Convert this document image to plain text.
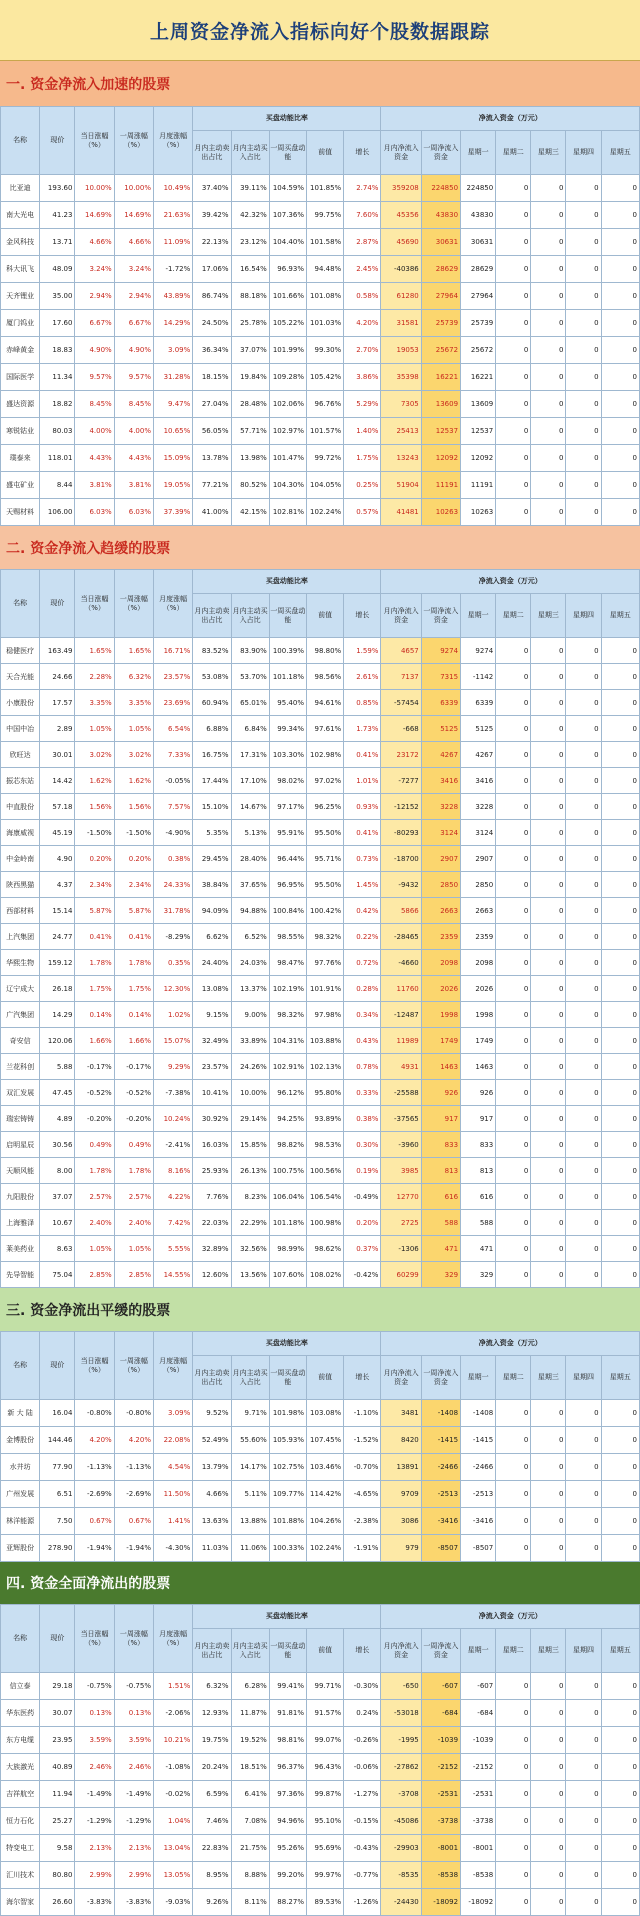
上周资金净流入指标向好个股数据跟踪
一. 资金净流入加速的股票
名称	现价	当日涨幅（%）	一周涨幅（%）	月度涨幅（%）	买盘动能比率					净流入资金（万元）						
					月内主动卖出占比	月内主动买入占比	一周买盘动能	前值	增长	月内净流入资金	一周净流入资金	星期一	星期二	星期三	星期四	星期五
比亚迪	193.60	10.00%	10.00%	10.49%	37.40%	39.11%	104.59%	101.85%	2.74%	359208	224850	224850	0	0	0	0
南大光电	41.23	14.69%	14.69%	21.63%	39.42%	42.32%	107.36%	99.75%	7.60%	45356	43830	43830	0	0	0	0
金风科技	13.71	4.66%	4.66%	11.09%	22.13%	23.12%	104.40%	101.58%	2.87%	45690	30631	30631	0	0	0	0
科大讯飞	48.09	3.24%	3.24%	-1.72%	17.06%	16.54%	96.93%	94.48%	2.45%	-40386	28629	28629	0	0	0	0
天齐锂业	35.00	2.94%	2.94%	43.89%	86.74%	88.18%	101.66%	101.08%	0.58%	61280	27964	27964	0	0	0	0
厦门钨业	17.60	6.67%	6.67%	14.29%	24.50%	25.78%	105.22%	101.03%	4.20%	31581	25739	25739	0	0	0	0
赤峰黄金	18.83	4.90%	4.90%	3.09%	36.34%	37.07%	101.99%	99.30%	2.70%	19053	25672	25672	0	0	0	0
国际医学	11.34	9.57%	9.57%	31.28%	18.15%	19.84%	109.28%	105.42%	3.86%	35398	16221	16221	0	0	0	0
盛达资源	18.82	8.45%	8.45%	9.47%	27.04%	28.48%	102.06%	96.76%	5.29%	7305	13609	13609	0	0	0	0
寒锐钴业	80.03	4.00%	4.00%	10.65%	56.05%	57.71%	102.97%	101.57%	1.40%	25413	12537	12537	0	0	0	0
璞泰来	118.01	4.43%	4.43%	15.09%	13.78%	13.98%	101.47%	99.72%	1.75%	13243	12092	12092	0	0	0	0
盛屯矿业	8.44	3.81%	3.81%	19.05%	77.21%	80.52%	104.30%	104.05%	0.25%	51904	11191	11191	0	0	0	0
天赐材料	106.00	6.03%	6.03%	37.39%	41.00%	42.15%	102.81%	102.24%	0.57%	41481	10263	10263	0	0	0	0
二. 资金净流入趋缓的股票
名称	现价	当日涨幅（%）	一周涨幅（%）	月度涨幅（%）	买盘动能比率					净流入资金（万元）						
					月内主动卖出占比	月内主动买入占比	一周买盘动能	前值	增长	月内净流入资金	一周净流入资金	星期一	星期二	星期三	星期四	星期五
稳健医疗	163.49	1.65%	1.65%	16.71%	83.52%	83.90%	100.39%	98.80%	1.59%	4657	9274	9274	0	0	0	0
天合光能	24.66	2.28%	6.32%	23.57%	53.08%	53.70%	101.18%	98.56%	2.61%	7137	7315	-1142	0	0	0	0
小康股份	17.57	3.35%	3.35%	23.69%	60.94%	65.01%	95.40%	94.61%	0.85%	-57454	6339	6339	0	0	0	0
中国中冶	2.89	1.05%	1.05%	6.54%	6.88%	6.84%	99.34%	97.61%	1.73%	-668	5125	5125	0	0	0	0
欣旺达	30.01	3.02%	3.02%	7.33%	16.75%	17.31%	103.30%	102.98%	0.41%	23172	4267	4267	0	0	0	0
振芯东站	14.42	1.62%	1.62%	-0.05%	17.44%	17.10%	98.02%	97.02%	1.01%	-7277	3416	3416	0	0	0	0
中直股份	57.18	1.56%	1.56%	7.57%	15.10%	14.67%	97.17%	96.25%	0.93%	-12152	3228	3228	0	0	0	0
海康威视	45.19	-1.50%	-1.50%	-4.90%	5.35%	5.13%	95.91%	95.50%	0.41%	-80293	3124	3124	0	0	0	0
中金岭南	4.90	0.20%	0.20%	0.38%	29.45%	28.40%	96.44%	95.71%	0.73%	-18700	2907	2907	0	0	0	0
陕西黑猫	4.37	2.34%	2.34%	24.33%	38.84%	37.65%	96.95%	95.50%	1.45%	-9432	2850	2850	0	0	0	0
西部材料	15.14	5.87%	5.87%	31.78%	94.09%	94.88%	100.84%	100.42%	0.42%	5866	2663	2663	0	0	0	0
上汽集团	24.77	0.41%	0.41%	-8.29%	6.62%	6.52%	98.55%	98.32%	0.22%	-28465	2359	2359	0	0	0	0
华熙生物	159.12	1.78%	1.78%	0.35%	24.40%	24.03%	98.47%	97.76%	0.72%	-4660	2098	2098	0	0	0	0
辽宁成大	26.18	1.75%	1.75%	12.30%	13.08%	13.37%	102.19%	101.91%	0.28%	11760	2026	2026	0	0	0	0
广汽集团	14.29	0.14%	0.14%	1.02%	9.15%	9.00%	98.32%	97.98%	0.34%	-12487	1998	1998	0	0	0	0
奇安信	120.06	1.66%	1.66%	15.07%	32.49%	33.89%	104.31%	103.88%	0.43%	11989	1749	1749	0	0	0	0
兰花科创	5.88	-0.17%	-0.17%	9.29%	23.57%	24.26%	102.91%	102.13%	0.78%	4931	1463	1463	0	0	0	0
双汇发展	47.45	-0.52%	-0.52%	-7.38%	10.41%	10.00%	96.12%	95.80%	0.33%	-25588	926	926	0	0	0	0
瑞宏铸铸	4.89	-0.20%	-0.20%	10.24%	30.92%	29.14%	94.25%	93.89%	0.38%	-37565	917	917	0	0	0	0
启明星辰	30.56	0.49%	0.49%	-2.41%	16.03%	15.85%	98.82%	98.53%	0.30%	-3960	833	833	0	0	0	0
天顺风能	8.00	1.78%	1.78%	8.16%	25.93%	26.13%	100.75%	100.56%	0.19%	3985	813	813	0	0	0	0
九阳股份	37.07	2.57%	2.57%	4.22%	7.76%	8.23%	106.04%	106.54%	-0.49%	12770	616	616	0	0	0	0
上海雅泽	10.67	2.40%	2.40%	7.42%	22.03%	22.29%	101.18%	100.98%	0.20%	2725	588	588	0	0	0	0
莱美药业	8.63	1.05%	1.05%	5.55%	32.89%	32.56%	98.99%	98.62%	0.37%	-1306	471	471	0	0	0	0
先导智能	75.04	2.85%	2.85%	14.55%	12.60%	13.56%	107.60%	108.02%	-0.42%	60299	329	329	0	0	0	0
三. 资金净流出平缓的股票
名称	现价	当日涨幅（%）	一周涨幅（%）	月度涨幅（%）	买盘动能比率					净流入资金（万元）						
					月内主动卖出占比	月内主动买入占比	一周买盘动能	前值	增长	月内净流入资金	一周净流入资金	星期一	星期二	星期三	星期四	星期五
新 大 陆	16.04	-0.80%	-0.80%	3.09%	9.52%	9.71%	101.98%	103.08%	-1.10%	3481	-1408	-1408	0	0	0	0
金博股份	144.46	4.20%	4.20%	22.08%	52.49%	55.60%	105.93%	107.45%	-1.52%	8420	-1415	-1415	0	0	0	0
水井坊	77.90	-1.13%	-1.13%	4.54%	13.79%	14.17%	102.75%	103.46%	-0.70%	13891	-2466	-2466	0	0	0	0
广州发展	6.51	-2.69%	-2.69%	11.50%	4.66%	5.11%	109.77%	114.42%	-4.65%	9709	-2513	-2513	0	0	0	0
林洋能源	7.50	0.67%	0.67%	1.41%	13.63%	13.88%	101.88%	104.26%	-2.38%	3086	-3416	-3416	0	0	0	0
亚辉股份	278.90	-1.94%	-1.94%	-4.30%	11.03%	11.06%	100.33%	102.24%	-1.91%	979	-8507	-8507	0	0	0	0
四. 资金全面净流出的股票
名称	现价	当日涨幅（%）	一周涨幅（%）	月度涨幅（%）	买盘动能比率					净流入资金（万元）						
					月内主动卖出占比	月内主动买入占比	一周买盘动能	前值	增长	月内净流入资金	一周净流入资金	星期一	星期二	星期三	星期四	星期五
信立泰	29.18	-0.75%	-0.75%	1.51%	6.32%	6.28%	99.41%	99.71%	-0.30%	-650	-607	-607	0	0	0	0
华东医药	30.07	0.13%	0.13%	-2.06%	12.93%	11.87%	91.81%	91.57%	0.24%	-53018	-684	-684	0	0	0	0
东方电缆	23.95	3.59%	3.59%	10.21%	19.75%	19.52%	98.81%	99.07%	-0.26%	-1995	-1039	-1039	0	0	0	0
大族激光	40.89	2.46%	2.46%	-1.08%	20.24%	18.51%	96.37%	96.43%	-0.06%	-27862	-2152	-2152	0	0	0	0
吉祥航空	11.94	-1.49%	-1.49%	-0.02%	6.59%	6.41%	97.36%	99.87%	-1.27%	-3708	-2531	-2531	0	0	0	0
恒力石化	25.27	-1.29%	-1.29%	1.04%	7.46%	7.08%	94.96%	95.10%	-0.15%	-45086	-3738	-3738	0	0	0	0
特变电工	9.58	2.13%	2.13%	13.04%	22.83%	21.75%	95.26%	95.69%	-0.43%	-29903	-8001	-8001	0	0	0	0
汇川技术	80.80	2.99%	2.99%	13.05%	8.95%	8.88%	99.20%	99.97%	-0.77%	-8535	-8538	-8538	0	0	0	0
海尔智家	26.60	-3.83%	-3.83%	-9.03%	9.26%	8.11%	88.27%	89.53%	-1.26%	-24430	-18092	-18092	0	0	0	0
